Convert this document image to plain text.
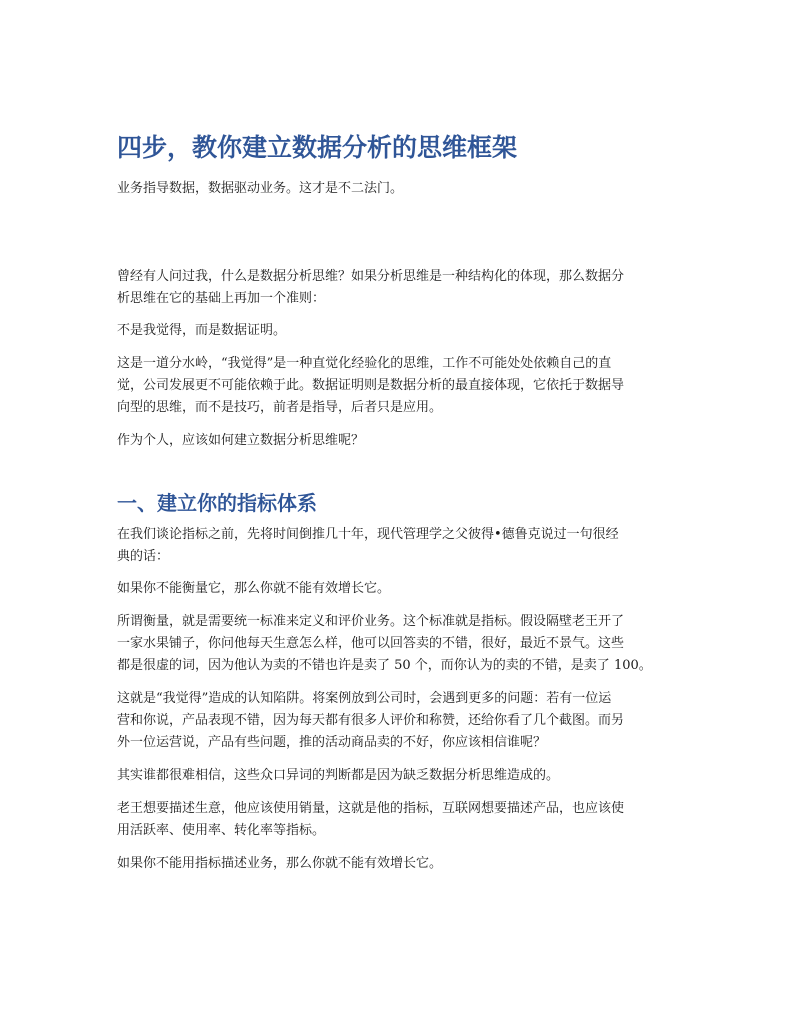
四步，教你建立数据分析的思维框架

业务指导数据，数据驱动业务。这才是不二法门。

曾经有人问过我，什么是数据分析思维？如果分析思维是一种结构化的体现，那么数据分
析思维在它的基础上再加一个准则：

不是我觉得，而是数据证明。

这是一道分水岭，“我觉得”是一种直觉化经验化的思维，工作不可能处处依赖自己的直
觉，公司发展更不可能依赖于此。数据证明则是数据分析的最直接体现，它依托于数据导
向型的思维，而不是技巧，前者是指导，后者只是应用。

作为个人，应该如何建立数据分析思维呢？

一、建立你的指标体系

在我们谈论指标之前，先将时间倒推几十年，现代管理学之父彼得•德鲁克说过一句很经
典的话：

如果你不能衡量它，那么你就不能有效增长它。

所谓衡量，就是需要统一标准来定义和评价业务。这个标准就是指标。假设隔壁老王开了
一家水果铺子，你问他每天生意怎么样，他可以回答卖的不错，很好，最近不景气。这些
都是很虚的词，因为他认为卖的不错也许是卖了 50 个，而你认为的卖的不错，是卖了 100。

这就是“我觉得”造成的认知陷阱。将案例放到公司时，会遇到更多的问题：若有一位运
营和你说，产品表现不错，因为每天都有很多人评价和称赞，还给你看了几个截图。而另
外一位运营说，产品有些问题，推的活动商品卖的不好，你应该相信谁呢？

其实谁都很难相信，这些众口异词的判断都是因为缺乏数据分析思维造成的。

老王想要描述生意，他应该使用销量，这就是他的指标，互联网想要描述产品，也应该使
用活跃率、使用率、转化率等指标。

如果你不能用指标描述业务，那么你就不能有效增长它。
